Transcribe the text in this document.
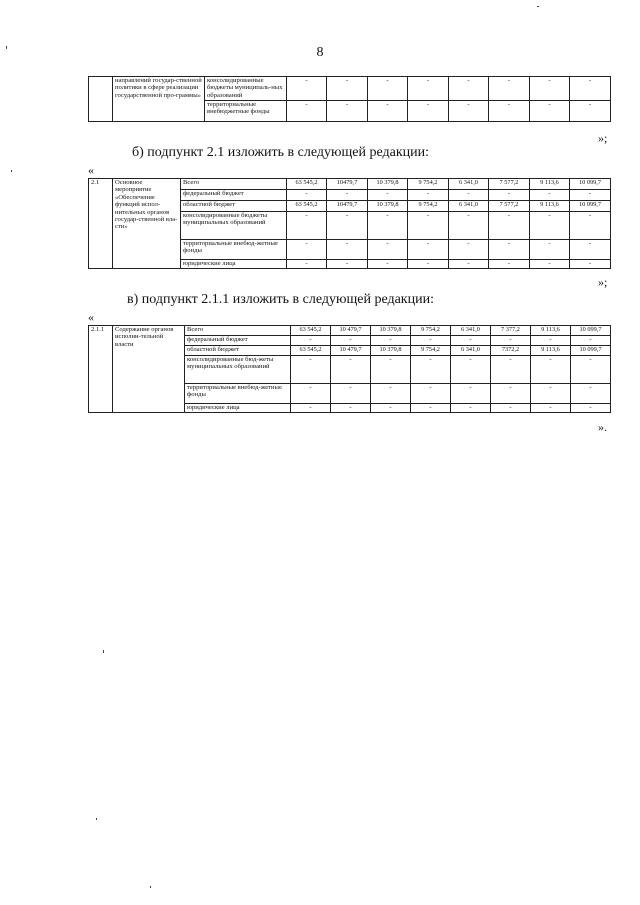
8
	направлений государ-ственной политики в сфере реализации государственной про-граммы»	консолидированные бюджеты муниципаль-ных образований	-	-	-	-	-	-	-	-
		территориальные внебюджетные фонды	-	-	-	-	-	-	-	-
»;
б) подпункт 2.1 изложить в следующей редакции:
«
2.1	Основное мероприятие «Обеспечение функций испол-нительных органов государ-ственной вла-сти»	Всего	63 545,2	10479,7	10 379,8	9 754,2	6 341,0	7 577,2	9 113,6	10 099,7
		федеральный бюджет	-	-	-	-	-	-	-	-
		областной бюджет	63 545,2	10479,7	10 379,8	9 754,2	6 341,0	7 577,2	9 113,6	10 099,7
		консолидированные бюджеты муниципальных образований	-	-	-	-	-	-	-	-
		территориальные внебюд-жетные фонды	-	-	-	-	-	-	-	-
		юридические лица	-	-	-	-	-	-	-	-
»;
в) подпункт 2.1.1 изложить в следующей редакции:
«
2.1.1	Содержание органов исполни-тельной власти	Всего	63 545,2	10 479,7	10 379,8	9 754,2	6 341,0	7 377,2	9 113,6	10 099,7
		федеральный бюджет	-	-	-	-	-	-	-	-
		областной бюджет	63 545,2	10 479,7	10 379,8	9 754,2	6 341,0	7372,2	9 113,6	10 099,7
		консолидированные бюд-жеты муниципальных образований	-	-	-	-	-	-	-	-
		территориальные внебюд-жетные фонды	-	-	-	-	-	-	-	-
		юридические лица	-	-	-	-	-	-	-	-
».
